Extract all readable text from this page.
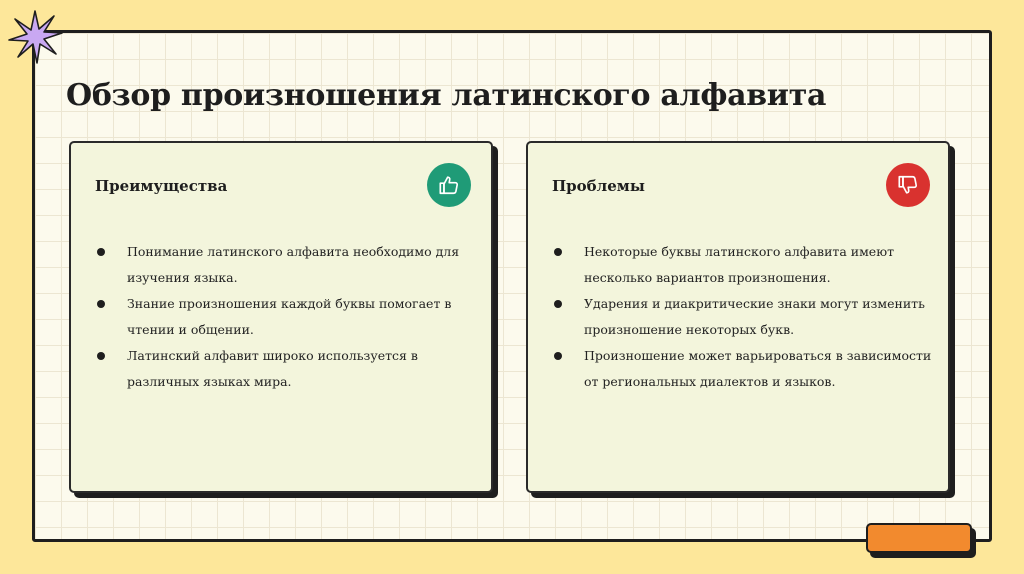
Обзор произношения латинского алфавита
Преимущества
Понимание латинского алфавита необходимо для изучения языка.
Знание произношения каждой буквы помогает в чтении и общении.
Латинский алфавит широко используется в различных языках мира.
Проблемы
Некоторые буквы латинского алфавита имеют несколько вариантов произношения.
Ударения и диакритические знаки могут изменить произношение некоторых букв.
Произношение может варьироваться в зависимости от региональных диалектов и языков.
